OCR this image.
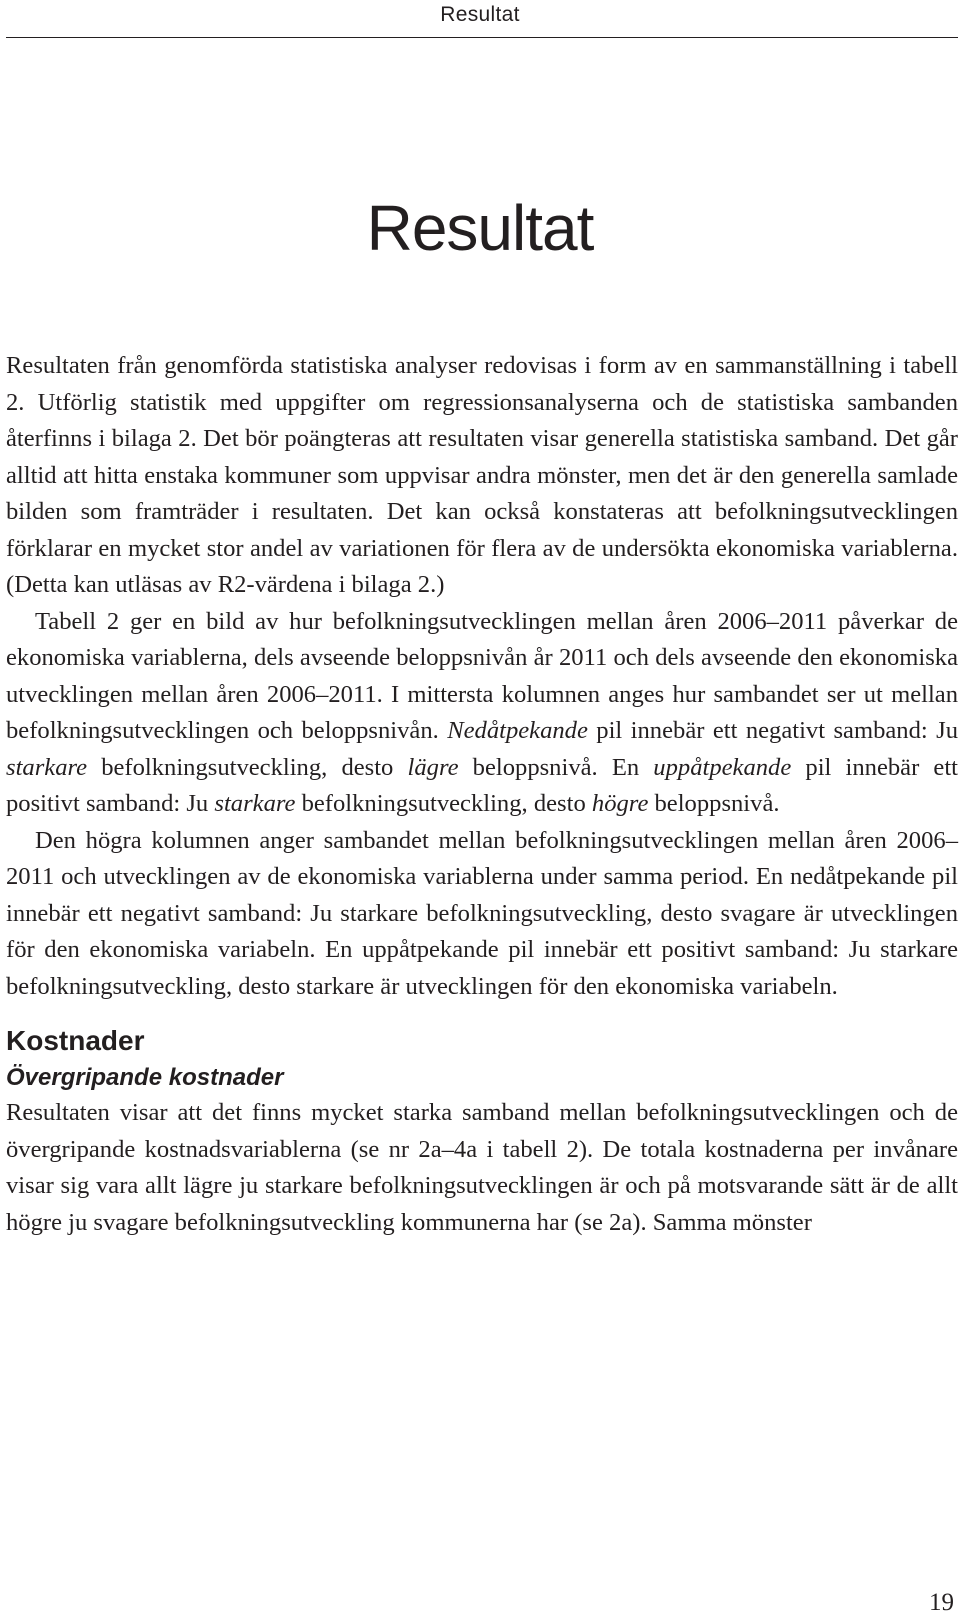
Resultat
Resultat

Resultaten från genomförda statistiska analyser redovisas i form av en sammanställning i tabell 2. Utförlig statistik med uppgifter om regressionsanalyserna och de statistiska sambanden återfinns i bilaga 2. Det bör poängteras att resultaten visar generella statistiska samband. Det går alltid att hitta enstaka kommuner som uppvisar andra mönster, men det är den generella samlade bilden som framträder i resultaten. Det kan också konstateras att befolkningsutvecklingen förklarar en mycket stor andel av variationen för flera av de undersökta ekonomiska variablerna. (Detta kan utläsas av R2-värdena i bilaga 2.)

Tabell 2 ger en bild av hur befolkningsutvecklingen mellan åren 2006–2011 påverkar de ekonomiska variablerna, dels avseende beloppsnivån år 2011 och dels avseende den ekonomiska utvecklingen mellan åren 2006–2011. I mittersta kolumnen anges hur sambandet ser ut mellan befolkningsutvecklingen och beloppsnivån. Nedåtpekande pil innebär ett negativt samband: Ju starkare befolkningsutveckling, desto lägre beloppsnivå. En uppåtpekande pil innebär ett positivt samband: Ju starkare befolkningsutveckling, desto högre beloppsnivå.

Den högra kolumnen anger sambandet mellan befolkningsutvecklingen mellan åren 2006–2011 och utvecklingen av de ekonomiska variablerna under samma period. En nedåtpekande pil innebär ett negativt samband: Ju starkare befolkningsutveckling, desto svagare är utvecklingen för den ekonomiska variabeln. En uppåtpekande pil innebär ett positivt samband: Ju starkare befolkningsutveckling, desto starkare är utvecklingen för den ekonomiska variabeln.

Kostnader
Övergripande kostnader

Resultaten visar att det finns mycket starka samband mellan befolkningsutvecklingen och de övergripande kostnadsvariablerna (se nr 2a–4a i tabell 2). De totala kostnaderna per invånare visar sig vara allt lägre ju starkare befolkningsutvecklingen är och på motsvarande sätt är de allt högre ju svagare befolkningsutveckling kommunerna har (se 2a). Samma mönster

19
